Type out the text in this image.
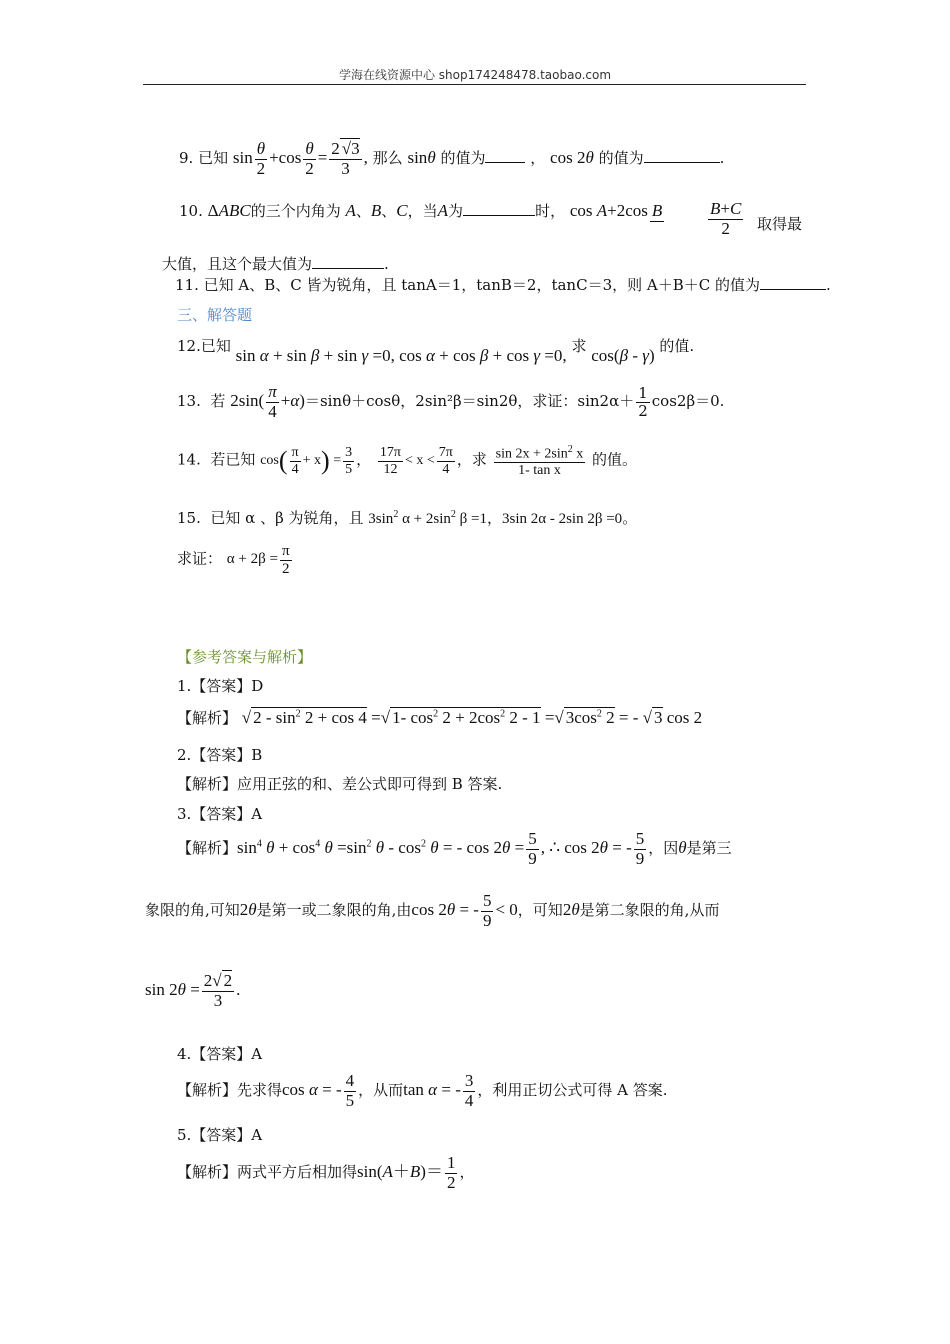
学海在线资源中心 shop174248478.taobao.com
9. 已知 $\sin \frac{\theta}{2} +\cos \frac{\theta}{2} = \frac{2 √3}{3}$ , 那么 sinθ 的值为	， cos 2θ 的值为	.
10. ΔABC的三个内角为 A、B、C，当A为	时， cos A+2cos B	$\frac{B+C}{2}$ 取得最
大值，且这个最大值为	.
11. 已知 A、B、C 皆为锐角，且 tanA＝1，tanB＝2，tanC＝3，则 A＋B＋C 的值为	.
三、解答题
12.已知 sin α + sin β + sin γ =0, cos α + cos β + cos γ =0, 求 cos(β - γ) 的值.
13. 若 $2\sin( \frac{\pi}{4} +\alpha)=\sin\theta+\cos\theta$，2sin²β＝sin2θ，求证：$\sin 2\alpha+ \frac{1}{2} \cos 2\beta=0$.
14. 若已知 $\cos( \frac{\pi}{4} + x) = \frac{3}{5}$ ， $\frac{17\pi}{12} < x < \frac{7\pi}{4}$ ，求 $\frac{\sin 2x + 2\sin^2 x}{\text{1- tan x}}$ 的值。
15. 已知 α 、β 为锐角，且 $3\sin^2$ $\alpha + 2\sin^2$ β =1，3sin 2α - 2sin 2β =0。
求证： $\alpha + 2\beta = \frac{\pi}{2}$
【参考答案与解析】
1.【答案】D
【解析】 √ $2 - \sin^2 2 + \cos 4$ =√ 1- $\cos^2 2 + 2\cos^2$ 2 - 1 =√ $3\cos^2$ 2 = - √ 3 cos 2
2.【答案】B
【解析】应用正弦的和、差公式即可得到 B 答案.
3.【答案】A
【解析】$\sin^4 \theta + \cos^4 \theta =\sin^2$ θ - $\cos^2 \theta$ = - $\cos 2\theta = \frac{5}{9}$ , ∴ cos 2θ = - $\frac{5}{9}$ ，因θ是第三
象限的角,可知2θ是第一或二象限的角,由cos 2θ = - $\frac{5}{9} < 0$，可知2θ是第二象限的角,从而
$\sin 2\theta = \frac{2√ 2}{3}$ .
4.【答案】A
【解析】先求得cos α = - $\frac{4}{5}$ ，从而tan α = - $\frac{3}{4}$ ，利用正切公式可得 A 答案.
5.【答案】A
【解析】两式平方后相加得$\sin(A+B)= \frac{1}{2}$ ，
